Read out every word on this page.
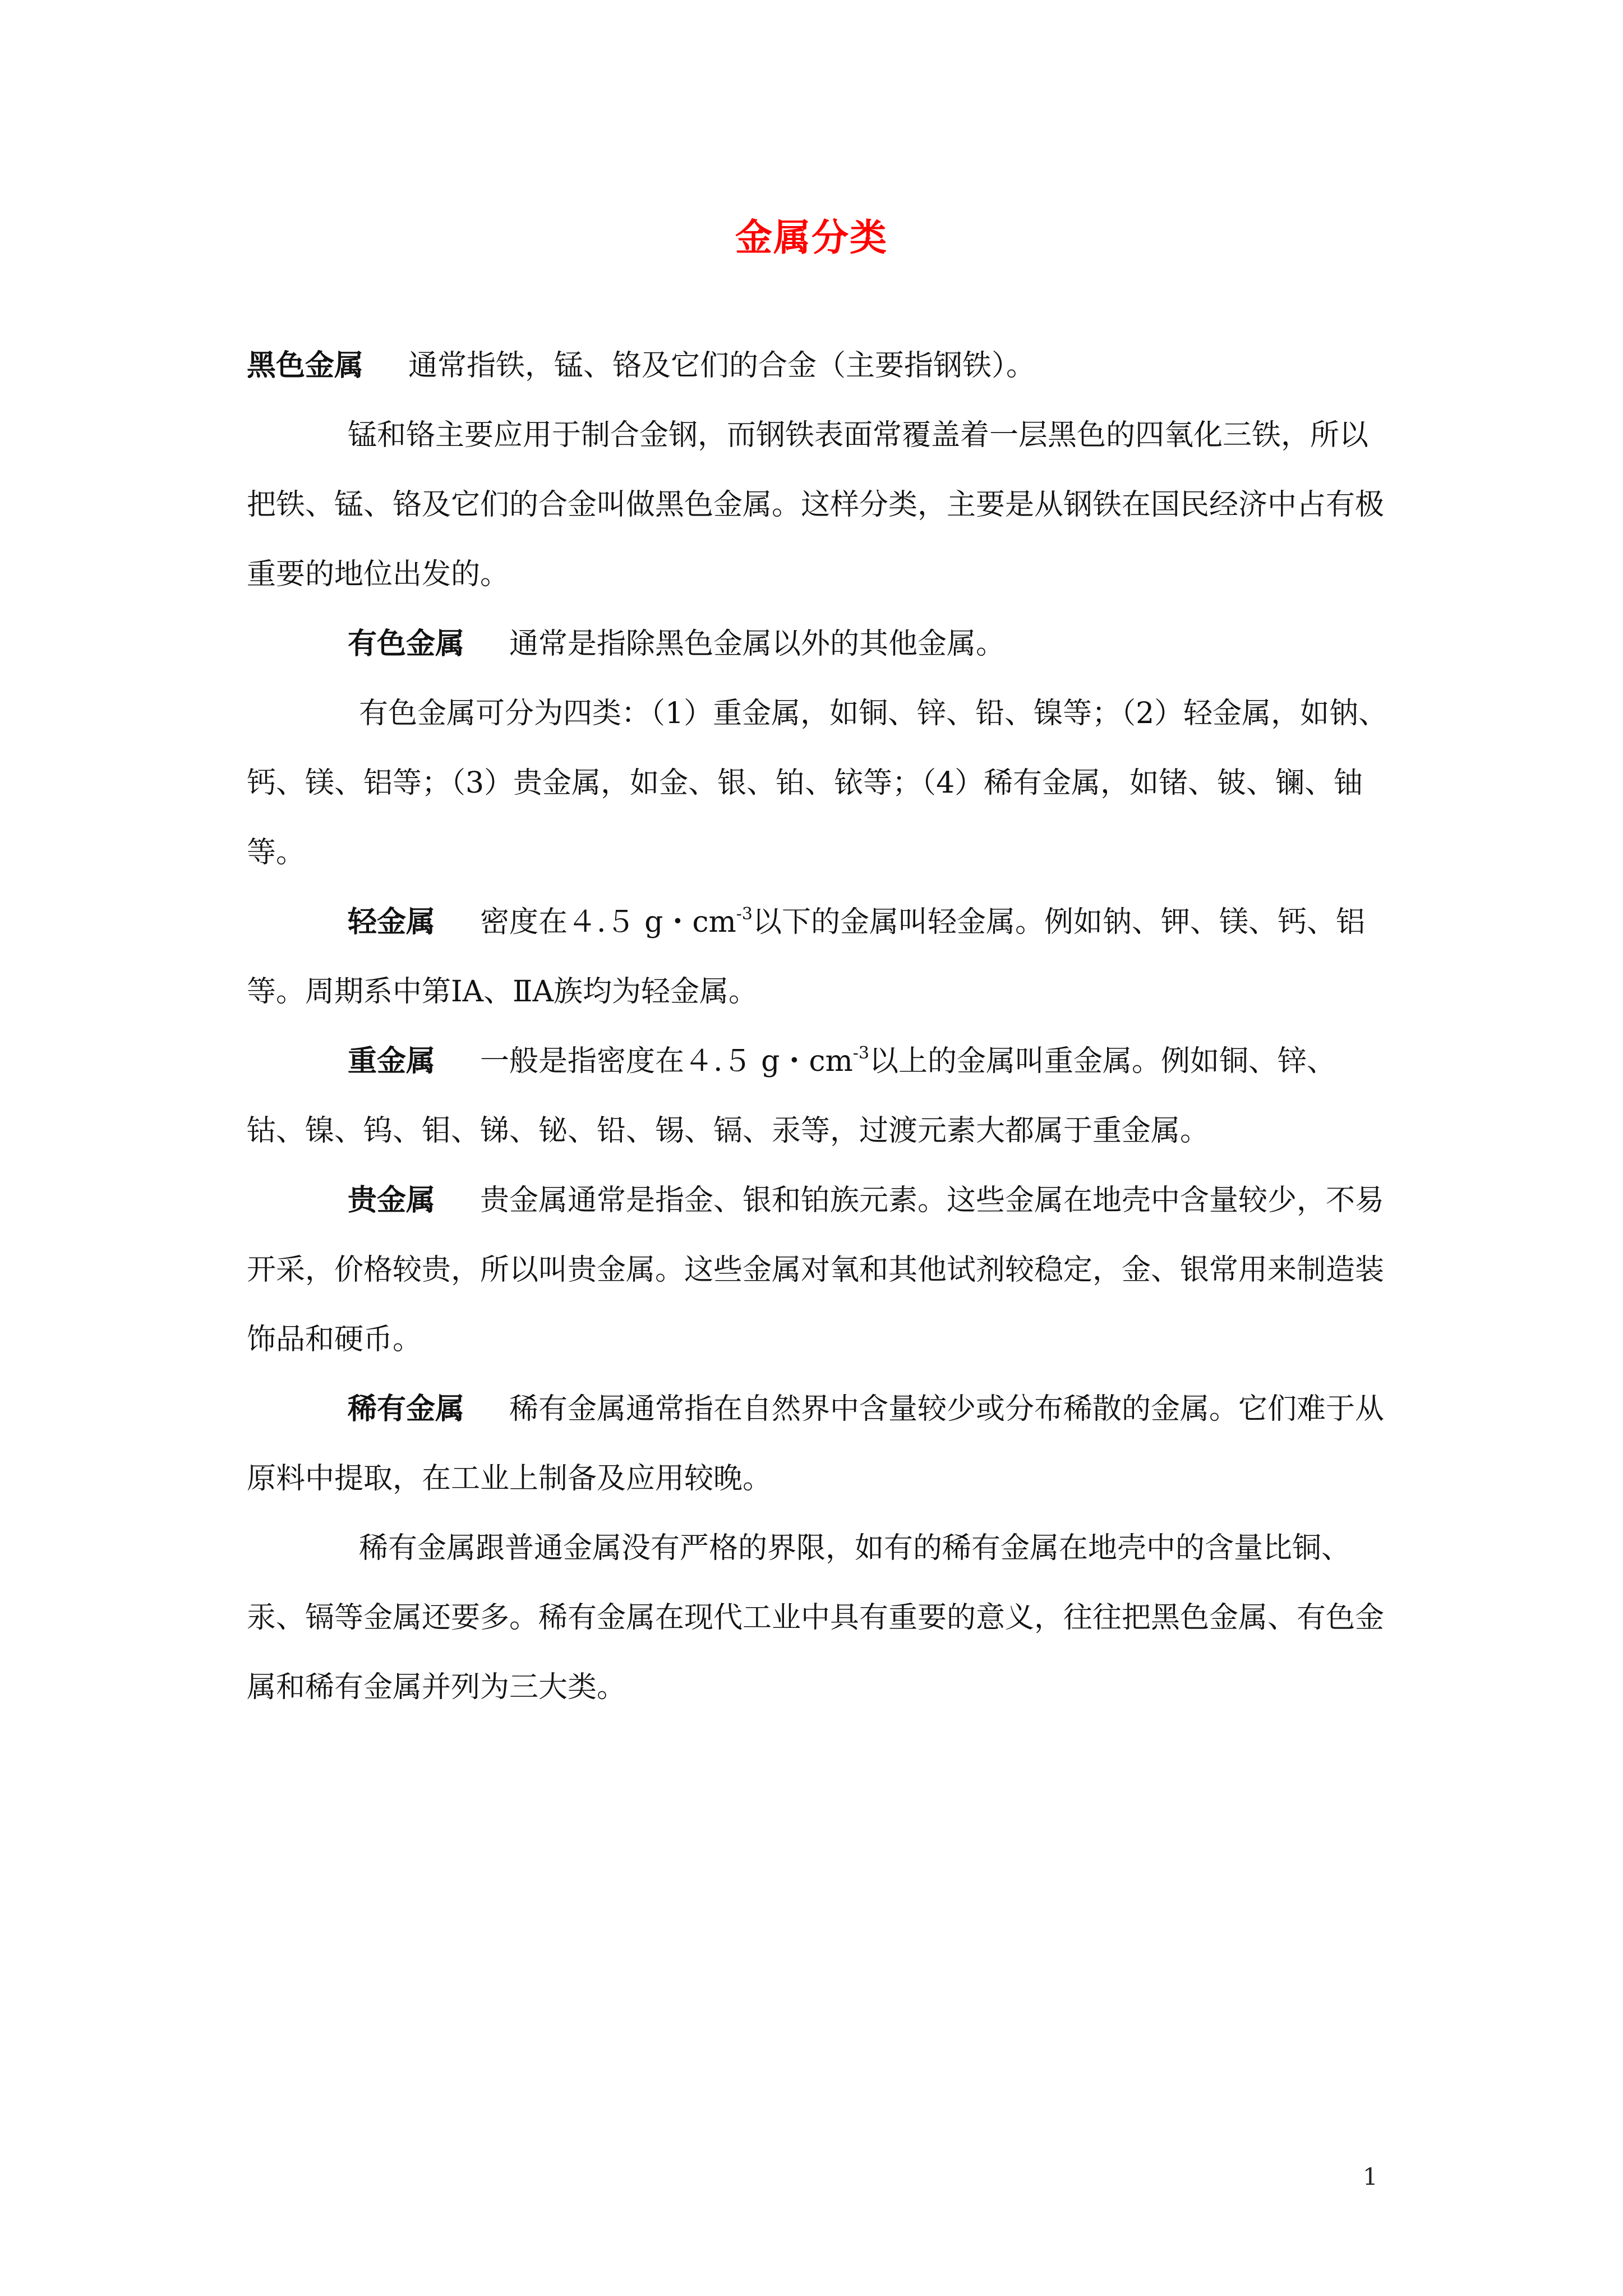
金属分类

黑色金属 通常指铁，锰、铬及它们的合金（主要指钢铁）。

锰和铬主要应用于制合金钢，而钢铁表面常覆盖着一层黑色的四氧化三铁，所以把铁、锰、铬及它们的合金叫做黑色金属。这样分类，主要是从钢铁在国民经济中占有极重要的地位出发的。

有色金属 通常是指除黑色金属以外的其他金属。

有色金属可分为四类：（1）重金属，如铜、锌、铅、镍等；（2）轻金属，如钠、钙、镁、铝等；（3）贵金属，如金、银、铂、铱等；（4）稀有金属，如锗、铍、镧、铀等。

轻金属 密度在４.５ g・$cm^{-3}$以下的金属叫轻金属。例如钠、钾、镁、钙、铝等。周期系中第ⅠA、ⅡA族均为轻金属。

重金属 一般是指密度在４.５ g・$cm^{-3}$以上的金属叫重金属。例如铜、锌、钴、镍、钨、钼、锑、铋、铅、锡、镉、汞等，过渡元素大都属于重金属。

贵金属 贵金属通常是指金、银和铂族元素。这些金属在地壳中含量较少，不易开采，价格较贵，所以叫贵金属。这些金属对氧和其他试剂较稳定，金、银常用来制造装饰品和硬币。

稀有金属 稀有金属通常指在自然界中含量较少或分布稀散的金属。它们难于从原料中提取，在工业上制备及应用较晚。

稀有金属跟普通金属没有严格的界限，如有的稀有金属在地壳中的含量比铜、汞、镉等金属还要多。稀有金属在现代工业中具有重要的意义，往往把黑色金属、有色金属和稀有金属并列为三大类。

1
